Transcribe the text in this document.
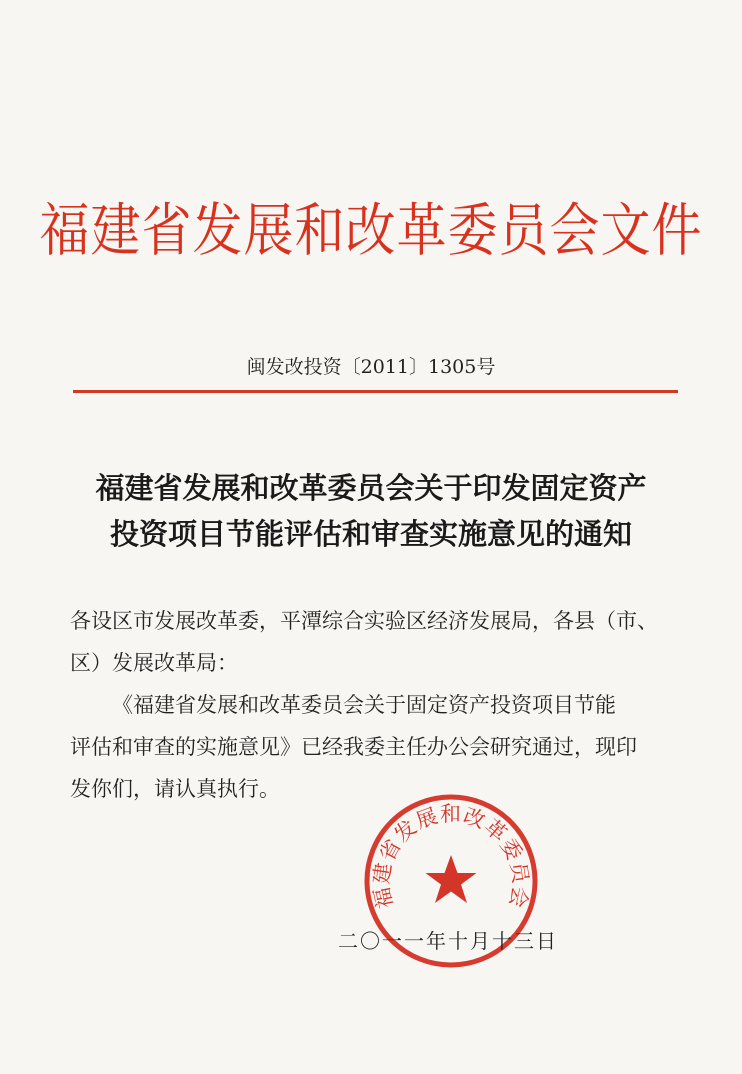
福建省发展和改革委员会文件
闽发改投资〔2011〕1305号
福建省发展和改革委员会关于印发固定资产
投资项目节能评估和审查实施意见的通知

各设区市发展改革委，平潭综合实验区经济发展局，各县（市、

区）发展改革局：

《福建省发展和改革委员会关于固定资产投资项目节能

评估和审查的实施意见》已经我委主任办公会研究通过，现印

发你们，请认真执行。

福建省发展和改革委员会
二〇一一年十月十三日
